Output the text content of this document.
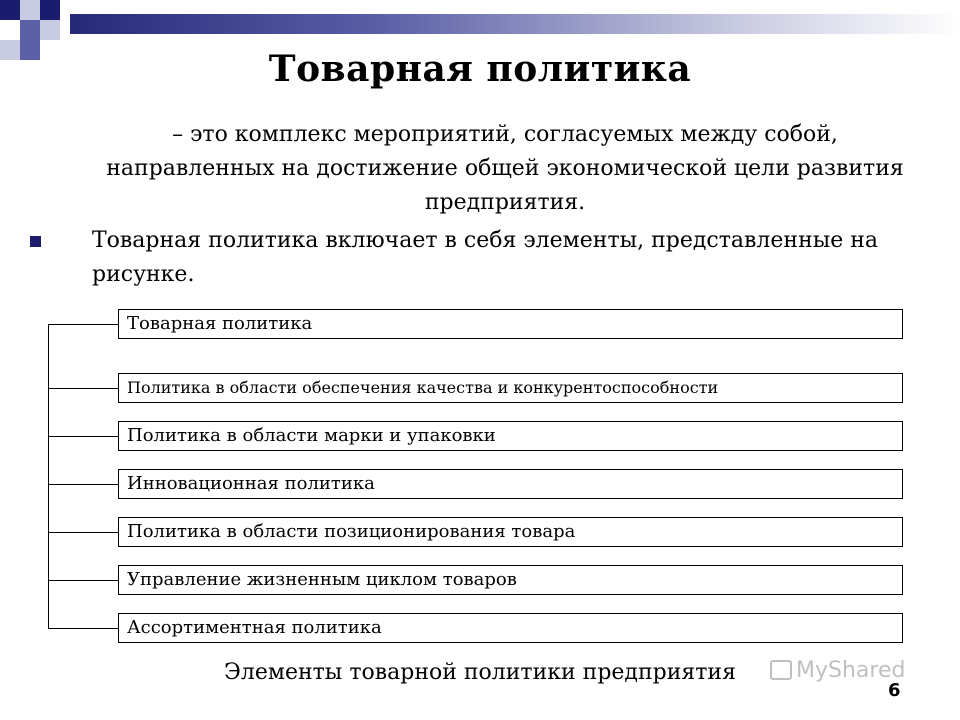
Товарная политика
– это комплекс мероприятий, согласуемых между собой, направленных на достижение общей экономической цели развития предприятия.
Товарная политика включает в себя элементы, представленные на рисунке.
Товарная политика
Политика в области обеспечения качества и конкурентоспособности
Политика в области марки и упаковки
Инновационная политика
Политика в области позиционирования товара
Управление жизненным циклом товаров
Ассортиментная политика
Элементы товарной политики предприятия	MyShared
6
